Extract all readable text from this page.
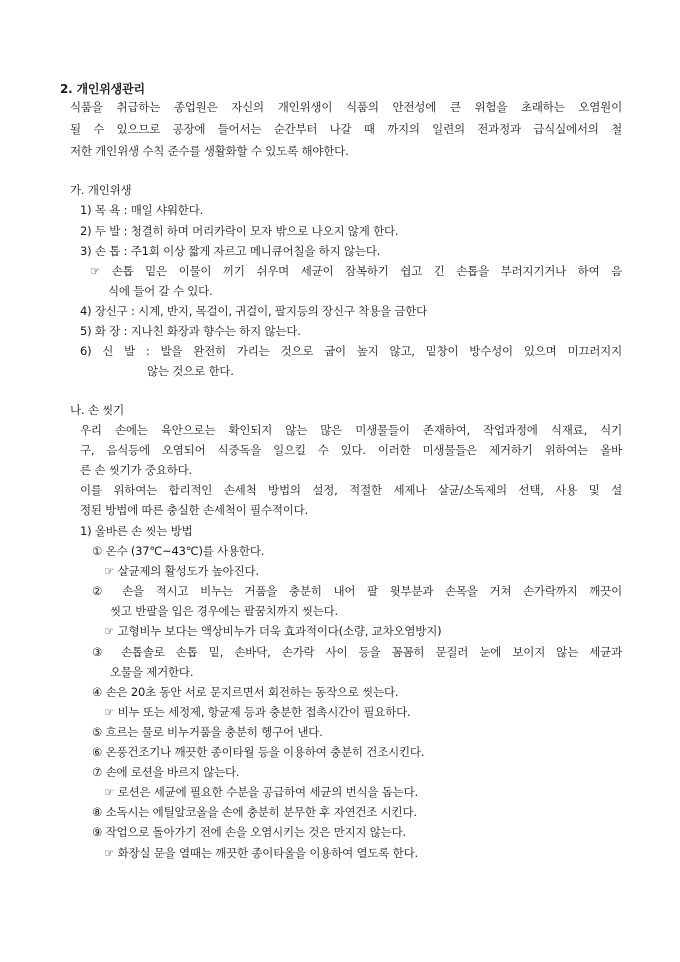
2. 개인위생관리
식품을 취급하는 종업원은 자신의 개인위생이 식품의 안전성에 큰 위험을 초래하는 오염원이
될 수 있으므로 공장에 들어서는 순간부터 나갈 때 까지의 일련의 전과정과 급식실에서의 철
저한 개인위생 수칙 준수를 생활화할 수 있도록 해야한다.
가. 개인위생
1) 목 욕 : 매일 샤워한다.
2) 두 발 : 청결히 하며 머리카락이 모자 밖으로 나오지 않게 한다.
3) 손 톱 : 주1회 이상 짧게 자르고 메니큐어칠을 하지 않는다.
☞ 손톱 밑은 이물이 끼기 쉬우며 세균이 잠복하기 쉽고 긴 손톱을 부러지기거나 하여 음
식에 들어 갈 수 있다.
4) 장신구 : 시계, 반지, 목걸이, 귀걸이, 팔지등의 장신구 착용을 금한다
5) 화 장 : 지나친 화장과 향수는 하지 않는다.
6) 신 발 : 발을 완전히 가리는 것으로 굽이 높지 않고, 밑창이 방수성이 있으며 미끄러지지
않는 것으로 한다.
나. 손 씻기
우리 손에는 육안으로는 확인되지 않는 많은 미생물들이 존재하여, 작업과정에 식재료, 식기
구, 음식등에 오염되어 식중독을 일으킬 수 있다. 이러한 미생물들은 제거하기 위하여는 올바
른 손 씻기가 중요하다.
이를 위하여는 합리적인 손세척 방법의 설정, 적절한 세제나 살균/소독제의 선택, 사용 및 설
정된 방법에 따른 충실한 손세척이 필수적이다.
1) 올바른 손 씻는 방법
① 온수 (37℃~43℃)를 사용한다.
☞ 살균제의 활성도가 높아진다.
② 손을 적시고 비누는 거품을 충분히 내어 팔 윗부분과 손목을 거쳐 손가락까지 깨끗이
씻고 반팔을 입은 경우에는 팔꿈치까지 씻는다.
☞ 고형비누 보다는 액상비누가 더욱 효과적이다(소량, 교차오염방지)
③ 손톱솔로 손톱 밑, 손바닥, 손가락 사이 등을 꼼꼼히 문질러 눈에 보이지 않는 세균과
오물을 제거한다.
④ 손은 20초 동안 서로 문지르면서 회전하는 동작으로 씻는다.
☞ 비누 또는 세정제, 항균제 등과 충분한 접촉시간이 필요하다.
⑤ 흐르는 물로 비누거품을 충분히 헹구어 낸다.
⑥ 온풍건조기나 깨끗한 종이타월 등을 이용하여 충분히 건조시킨다.
⑦ 손에 로션을 바르지 않는다.
☞ 로션은 세균에 필요한 수분을 공급하여 세균의 번식을 돕는다.
⑧ 소독시는 에틸알코올을 손에 충분히 분무한 후 자연건조 시킨다.
⑨ 작업으로 돌아가기 전에 손을 오염시키는 것은 만지지 않는다.
☞ 화장실 문을 열때는 깨끗한 종이타올을 이용하여 열도록 한다.
